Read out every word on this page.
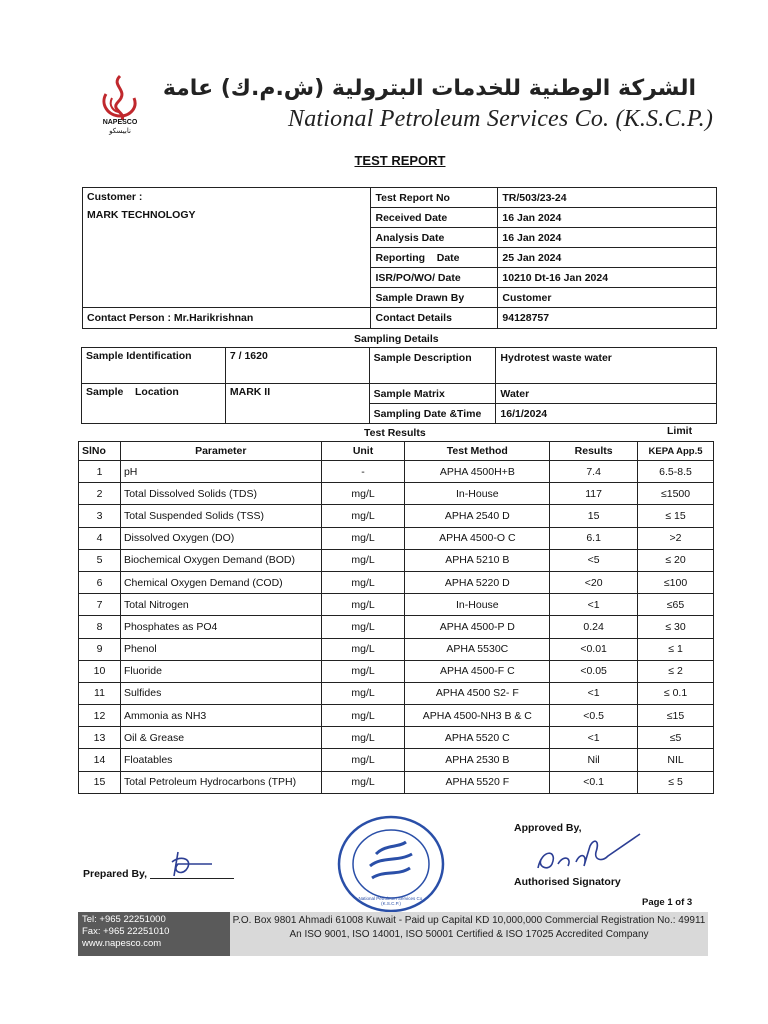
NAPESCO
نابيسكو
الشركة الوطنية للخدمات البترولية (ش.م.ك) عامة
National Petroleum Services Co. (K.S.C.P.)
TEST REPORT
Customer :
MARK TECHNOLOGY	Test Report No	TR/503/23-24
	Received Date	16 Jan 2024
	Analysis Date	16 Jan 2024
	Reporting    Date	25 Jan 2024
	ISR/PO/WO/ Date	10210 Dt-16 Jan 2024
	Sample Drawn By	Customer
Contact Person : Mr.Harikrishnan	Contact Details	94128757
Sampling Details
Sample Identification	7 / 1620	Sample Description	Hydrotest waste water
Sample    Location	MARK II	Sample Matrix	Water
		Sampling Date &Time	16/1/2024
Test Results	Limit
SlNo	Parameter	Unit	Test Method	Results	KEPA App.5
1	pH	-	APHA 4500H+B	7.4	6.5-8.5
2	Total Dissolved Solids (TDS)	mg/L	In-House	117	≤1500
3	Total Suspended Solids (TSS)	mg/L	APHA 2540 D	15	≤ 15
4	Dissolved Oxygen (DO)	mg/L	APHA 4500-O C	6.1	>2
5	Biochemical Oxygen Demand (BOD)	mg/L	APHA 5210 B	<5	≤ 20
6	Chemical Oxygen Demand (COD)	mg/L	APHA 5220 D	<20	≤100
7	Total Nitrogen	mg/L	In-House	<1	≤65
8	Phosphates as PO4	mg/L	APHA 4500-P D	0.24	≤ 30
9	Phenol	mg/L	APHA 5530C	<0.01	≤ 1
10	Fluoride	mg/L	APHA 4500-F C	<0.05	≤ 2
11	Sulfides	mg/L	APHA 4500 S2- F	<1	≤ 0.1
12	Ammonia as NH3	mg/L	APHA 4500-NH3 B & C	<0.5	≤15
13	Oil & Grease	mg/L	APHA 5520 C	<1	≤5
14	Floatables	mg/L	APHA 2530 B	Nil	NIL
15	Total Petroleum Hydrocarbons (TPH)	mg/L	APHA 5520 F	<0.1	≤ 5
National Petroleum Services Co. (K.S.C.P.)
Approved By,
Authorised Signatory
Prepared By,
Page 1 of 3
Tel: +965 22251000
Fax: +965 22251010
www.napesco.com
P.O. Box 9801 Ahmadi 61008 Kuwait - Paid up Capital KD 10,000,000 Commercial Registration No.: 49911
An ISO 9001, ISO 14001, ISO 50001 Certified & ISO 17025 Accredited Company
